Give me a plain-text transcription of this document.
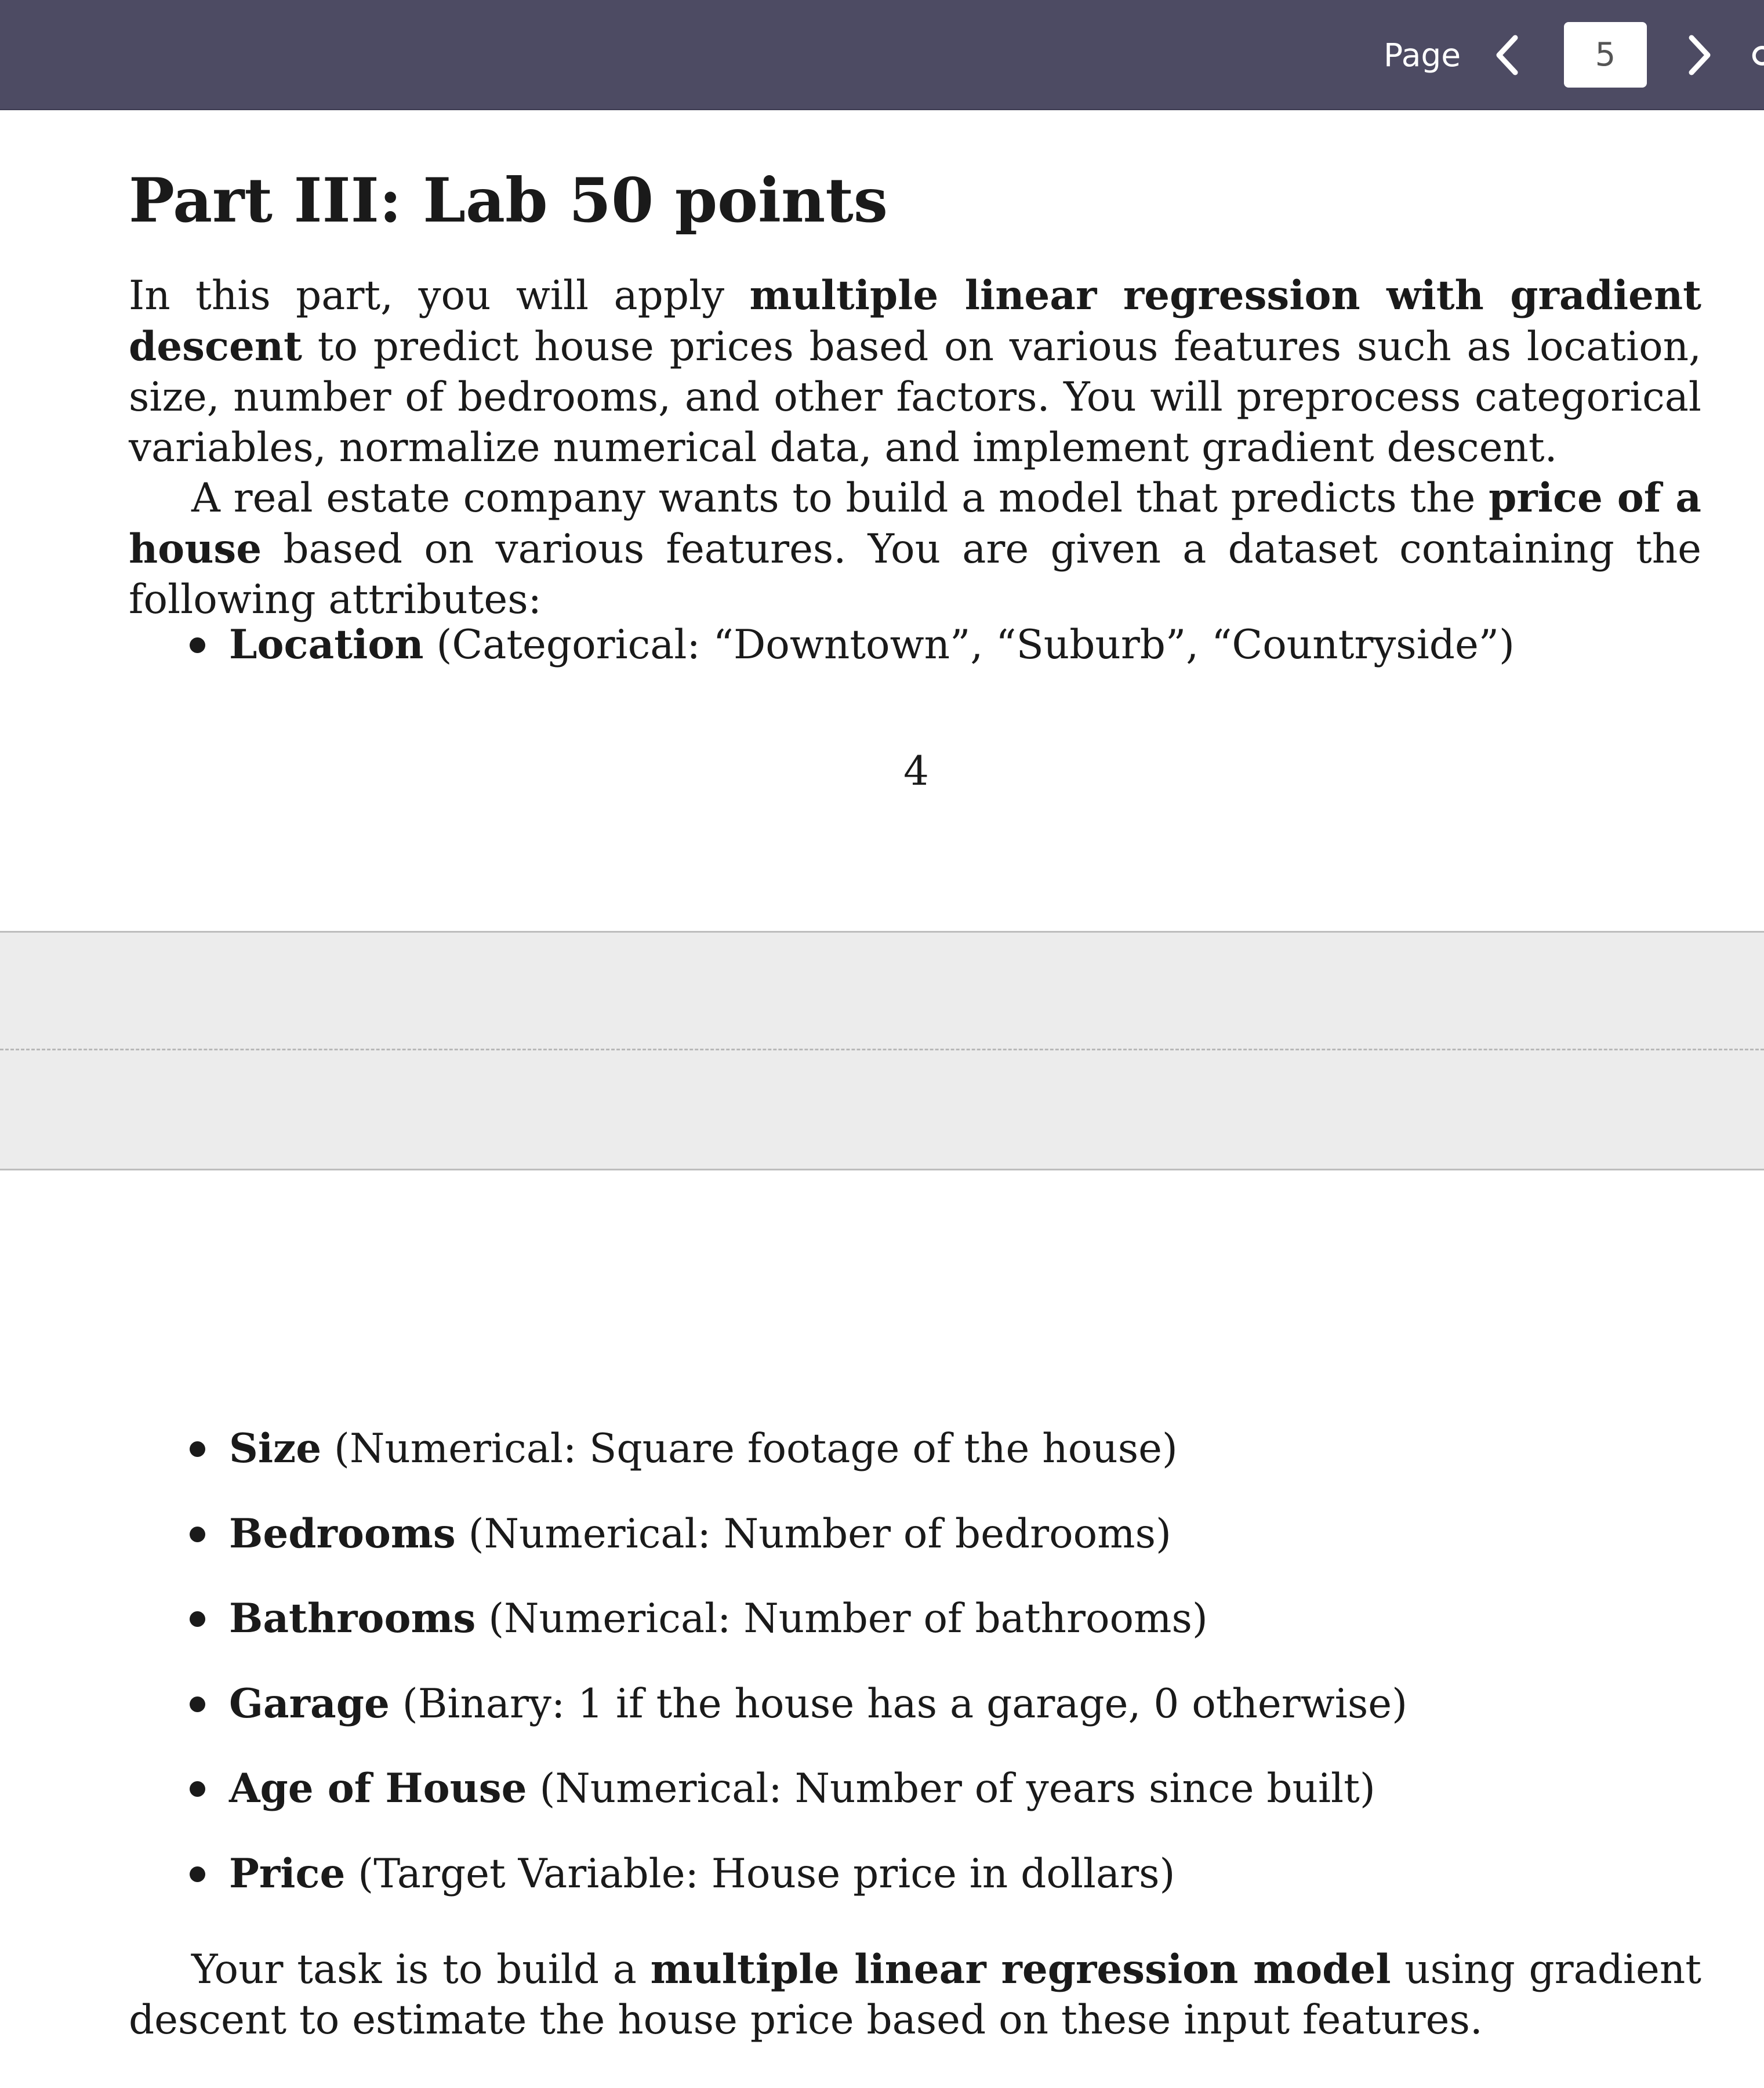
Page
5
Part III: Lab 50 points

In this part, you will apply multiple linear regression with gradient descent to predict house prices based on various features such as location, size, number of bedrooms, and other factors. You will preprocess categorical variables, normalize numerical data, and implement gradient descent.

A real estate company wants to build a model that predicts the price of a house based on various features. You are given a dataset containing the following attributes:

Location (Categorical: “Downtown”, “Suburb”, “Countryside”)
4
Size (Numerical: Square footage of the house)
Bedrooms (Numerical: Number of bedrooms)
Bathrooms (Numerical: Number of bathrooms)
Garage (Binary: 1 if the house has a garage, 0 otherwise)
Age of House (Numerical: Number of years since built)
Price (Target Variable: House price in dollars)

Your task is to build a multiple linear regression model using gradient descent to estimate the house price based on these input features.
